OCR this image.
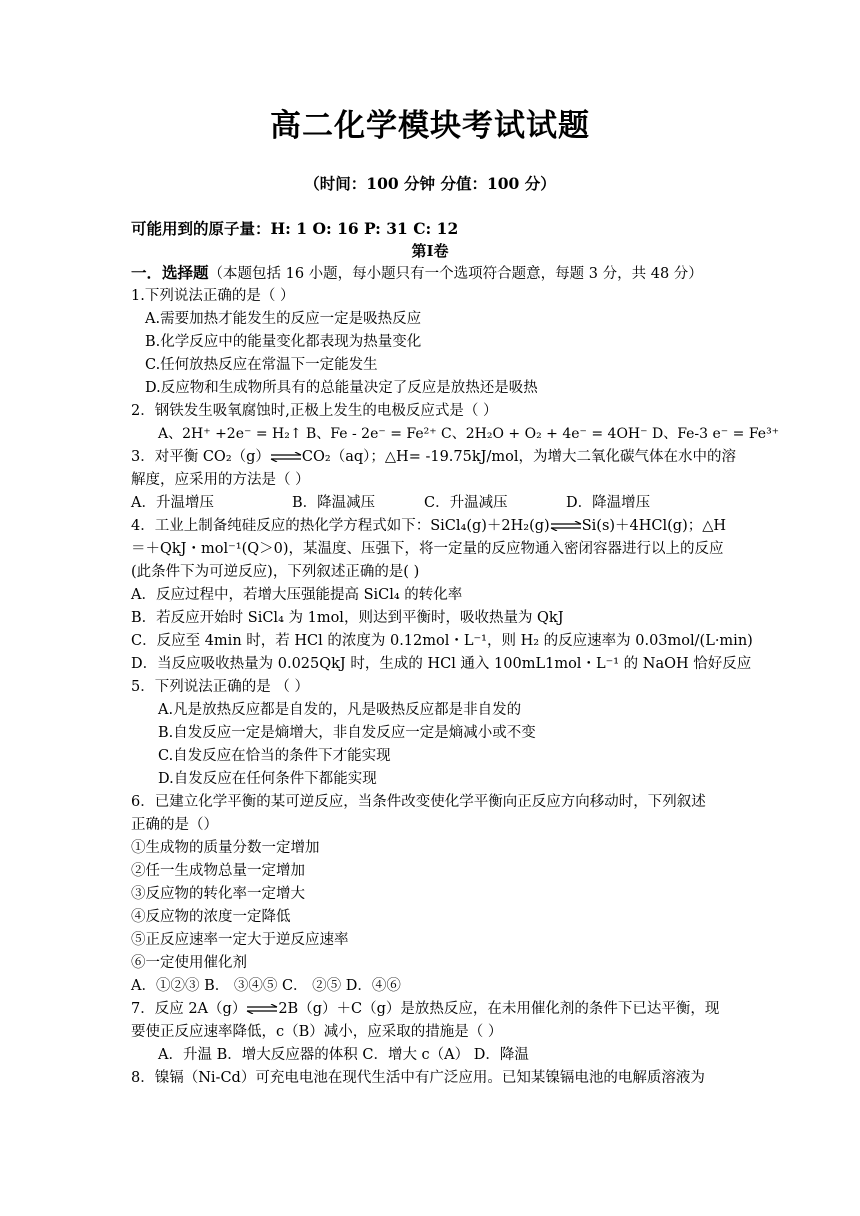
高二化学模块考试试题
（时间：100 分钟 分值：100 分）
可能用到的原子量：H: 1 O: 16 P: 31 C: 12
第Ⅰ卷
一．选择题（本题包括 16 小题，每小题只有一个选项符合题意，每题 3 分，共 48 分）
1.下列说法正确的是（ ）
A.需要加热才能发生的反应一定是吸热反应
B.化学反应中的能量变化都表现为热量变化
C.任何放热反应在常温下一定能发生
D.反应物和生成物所具有的总能量决定了反应是放热还是吸热
2．钢铁发生吸氧腐蚀时,正极上发生的电极反应式是（ ）
A、2H⁺ +2e⁻ = H₂↑ B、Fe - 2e⁻ = Fe²⁺ C、2H₂O + O₂ + 4e⁻ = 4OH⁻ D、Fe-3 e⁻ = Fe³⁺
3．对平衡 CO₂（g）⇌CO₂（aq）；△H= -19.75kJ/mol，为增大二氧化碳气体在水中的溶
解度，应采用的方法是（ ）
A．升温增压	B．降温减压	C．升温减压	D．降温增压
4．工业上制备纯硅反应的热化学方程式如下：SiCl₄(g)＋2H₂(g)⇌Si(s)＋4HCl(g)；△H
＝＋QkJ・mol⁻¹(Q＞0)，某温度、压强下，将一定量的反应物通入密闭容器进行以上的反应
(此条件下为可逆反应)，下列叙述正确的是( )
A．反应过程中，若增大压强能提高 SiCl₄ 的转化率
B．若反应开始时 SiCl₄ 为 1mol，则达到平衡时，吸收热量为 QkJ
C．反应至 4min 时，若 HCl 的浓度为 0.12mol・L⁻¹，则 H₂ 的反应速率为 0.03mol/(L·min)
D．当反应吸收热量为 0.025QkJ 时，生成的 HCl 通入 100mL1mol・L⁻¹ 的 NaOH 恰好反应
5．下列说法正确的是 （ ）
A.凡是放热反应都是自发的，凡是吸热反应都是非自发的
B.自发反应一定是熵增大，非自发反应一定是熵减小或不变
C.自发反应在恰当的条件下才能实现
D.自发反应在任何条件下都能实现
6．已建立化学平衡的某可逆反应，当条件改变使化学平衡向正反应方向移动时，下列叙述
正确的是（）
①生成物的质量分数一定增加
②任一生成物总量一定增加
③反应物的转化率一定增大
④反应物的浓度一定降低
⑤正反应速率一定大于逆反应速率
⑥一定使用催化剂
A．①②③ B． ③④⑤ C． ②⑤ D．④⑥
7．反应 2A（g）⇌2B（g）＋C（g）是放热反应，在未用催化剂的条件下已达平衡，现
要使正反应速率降低，c（B）减小，应采取的措施是（ ）
A．升温 B．增大反应器的体积 C．增大 c（A） D．降温
8．镍镉（Ni-Cd）可充电电池在现代生活中有广泛应用。已知某镍镉电池的电解质溶液为
